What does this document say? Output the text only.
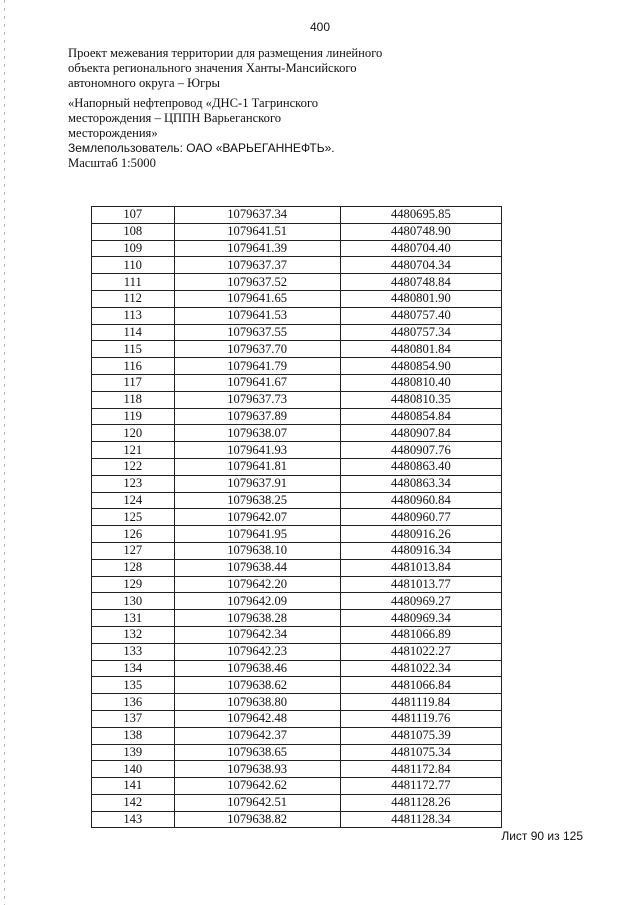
400
Проект межевания территории для размещения линейного
объекта регионального значения Ханты-Мансийского
автономного округа – Югры
«Напорный нефтепровод «ДНС-1 Тагринского
месторождения – ЦППН Варьеганского
месторождения»
Землепользователь: ОАО «ВАРЬЕГАННЕФТЬ».
Масштаб 1:5000
107	1079637.34	4480695.85
108	1079641.51	4480748.90
109	1079641.39	4480704.40
110	1079637.37	4480704.34
111	1079637.52	4480748.84
112	1079641.65	4480801.90
113	1079641.53	4480757.40
114	1079637.55	4480757.34
115	1079637.70	4480801.84
116	1079641.79	4480854.90
117	1079641.67	4480810.40
118	1079637.73	4480810.35
119	1079637.89	4480854.84
120	1079638.07	4480907.84
121	1079641.93	4480907.76
122	1079641.81	4480863.40
123	1079637.91	4480863.34
124	1079638.25	4480960.84
125	1079642.07	4480960.77
126	1079641.95	4480916.26
127	1079638.10	4480916.34
128	1079638.44	4481013.84
129	1079642.20	4481013.77
130	1079642.09	4480969.27
131	1079638.28	4480969.34
132	1079642.34	4481066.89
133	1079642.23	4481022.27
134	1079638.46	4481022.34
135	1079638.62	4481066.84
136	1079638.80	4481119.84
137	1079642.48	4481119.76
138	1079642.37	4481075.39
139	1079638.65	4481075.34
140	1079638.93	4481172.84
141	1079642.62	4481172.77
142	1079642.51	4481128.26
143	1079638.82	4481128.34
Лист 90 из 125
